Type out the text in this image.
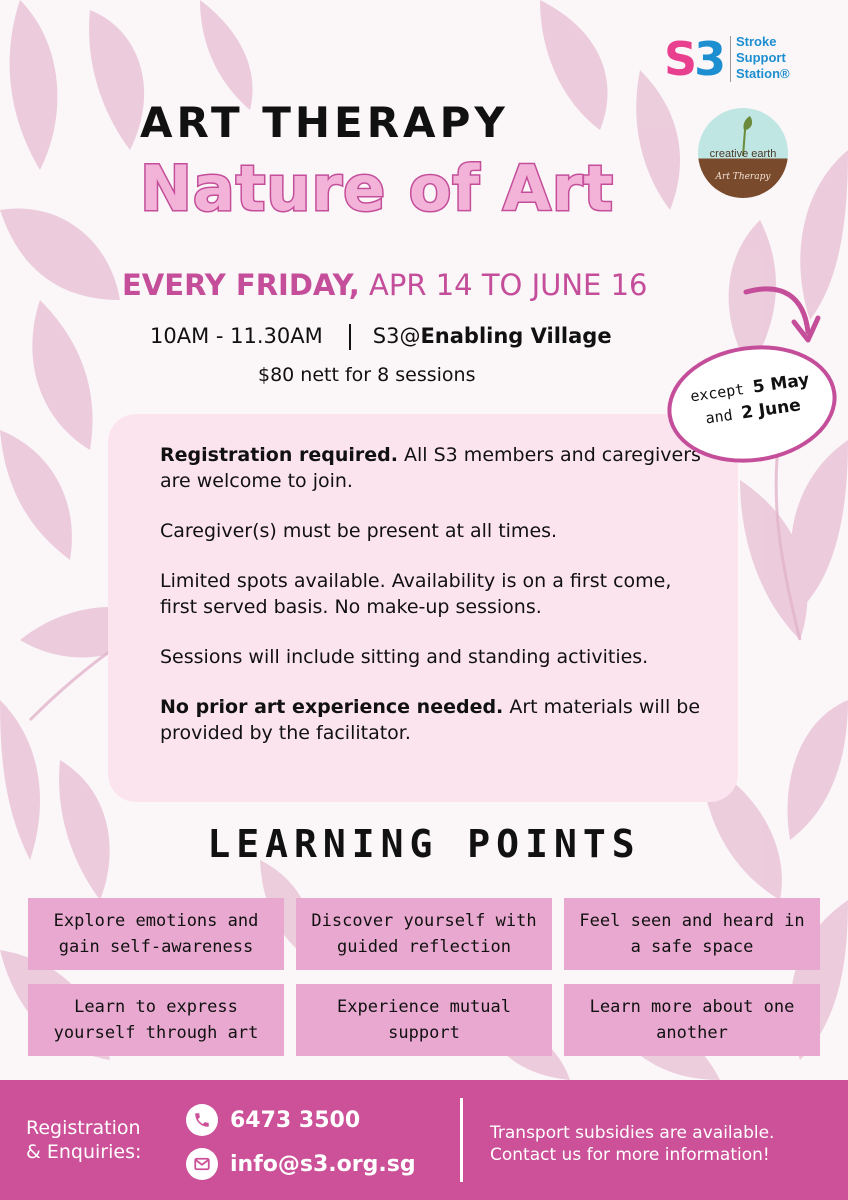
S3 Stroke
Support
Station®
creative earth
Art Therapy
ART THERAPY
Nature of Art
EVERY FRIDAY, APR 14 TO JUNE 16
10AM - 11.30AM S3@Enabling Village
$80 nett for 8 sessions
except 5 May
and 2 June

Registration required. All S3 members and caregivers are welcome to join.

Caregiver(s) must be present at all times.

Limited spots available. Availability is on a first come, first served basis. No make-up sessions.

Sessions will include sitting and standing activities.

No prior art experience needed. Art materials will be provided by the facilitator.

LEARNING POINTS
Explore emotions and gain self-awareness
Discover yourself with guided reflection
Feel seen and heard in a safe space
Learn to express yourself through art
Experience mutual support
Learn more about one another
Registration
& Enquiries:
6473 3500
info@s3.org.sg
Transport subsidies are available.
Contact us for more information!
